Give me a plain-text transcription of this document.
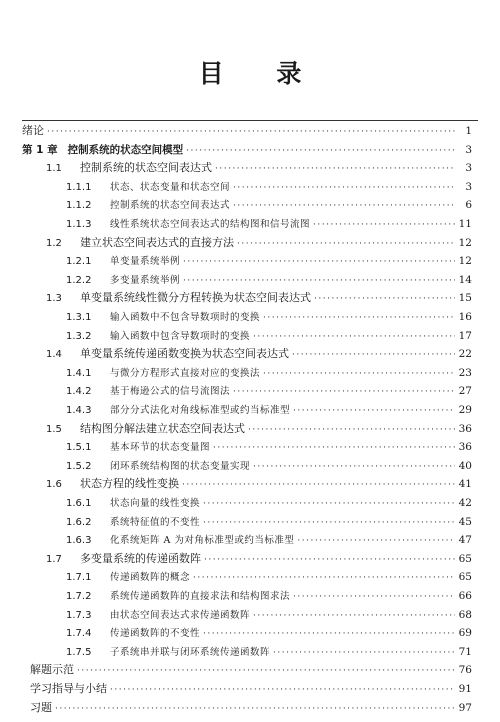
目 录
绪论 ·····	1
第 1 章 控制系统的状态空间模型 ·····	3
1.1	控制系统的状态空间表达式 ·····	3
1.1.1	状态、状态变量和状态空间 ·····	3
1.1.2	控制系统的状态空间表达式 ·····	6
1.1.3	线性系统状态空间表达式的结构图和信号流图 ·····	11
1.2	建立状态空间表达式的直接方法 ·····	12
1.2.1	单变量系统举例 ·····	12
1.2.2	多变量系统举例 ·····	14
1.3	单变量系统线性微分方程转换为状态空间表达式 ·····	15
1.3.1	输入函数中不包含导数项时的变换 ·····	16
1.3.2	输入函数中包含导数项时的变换 ·····	17
1.4	单变量系统传递函数变换为状态空间表达式 ·····	22
1.4.1	与微分方程形式直接对应的变换法 ·····	23
1.4.2	基于梅逊公式的信号流图法 ·····	27
1.4.3	部分分式法化对角线标准型或约当标准型 ·····	29
1.5	结构图分解法建立状态空间表达式 ·····	36
1.5.1	基本环节的状态变量图 ·····	36
1.5.2	闭环系统结构图的状态变量实现 ·····	40
1.6	状态方程的线性变换 ·····	41
1.6.1	状态向量的线性变换 ·····	42
1.6.2	系统特征值的不变性 ·····	45
1.6.3	化系统矩阵 A 为对角标准型或约当标准型 ·····	47
1.7	多变量系统的传递函数阵 ·····	65
1.7.1	传递函数阵的概念 ·····	65
1.7.2	系统传递函数阵的直接求法和结构图求法 ·····	66
1.7.3	由状态空间表达式求传递函数阵 ·····	68
1.7.4	传递函数阵的不变性 ·····	69
1.7.5	子系统串并联与闭环系统传递函数阵 ·····	71
解题示范 ·····	76
学习指导与小结 ·····	91
习题 ·····	97
